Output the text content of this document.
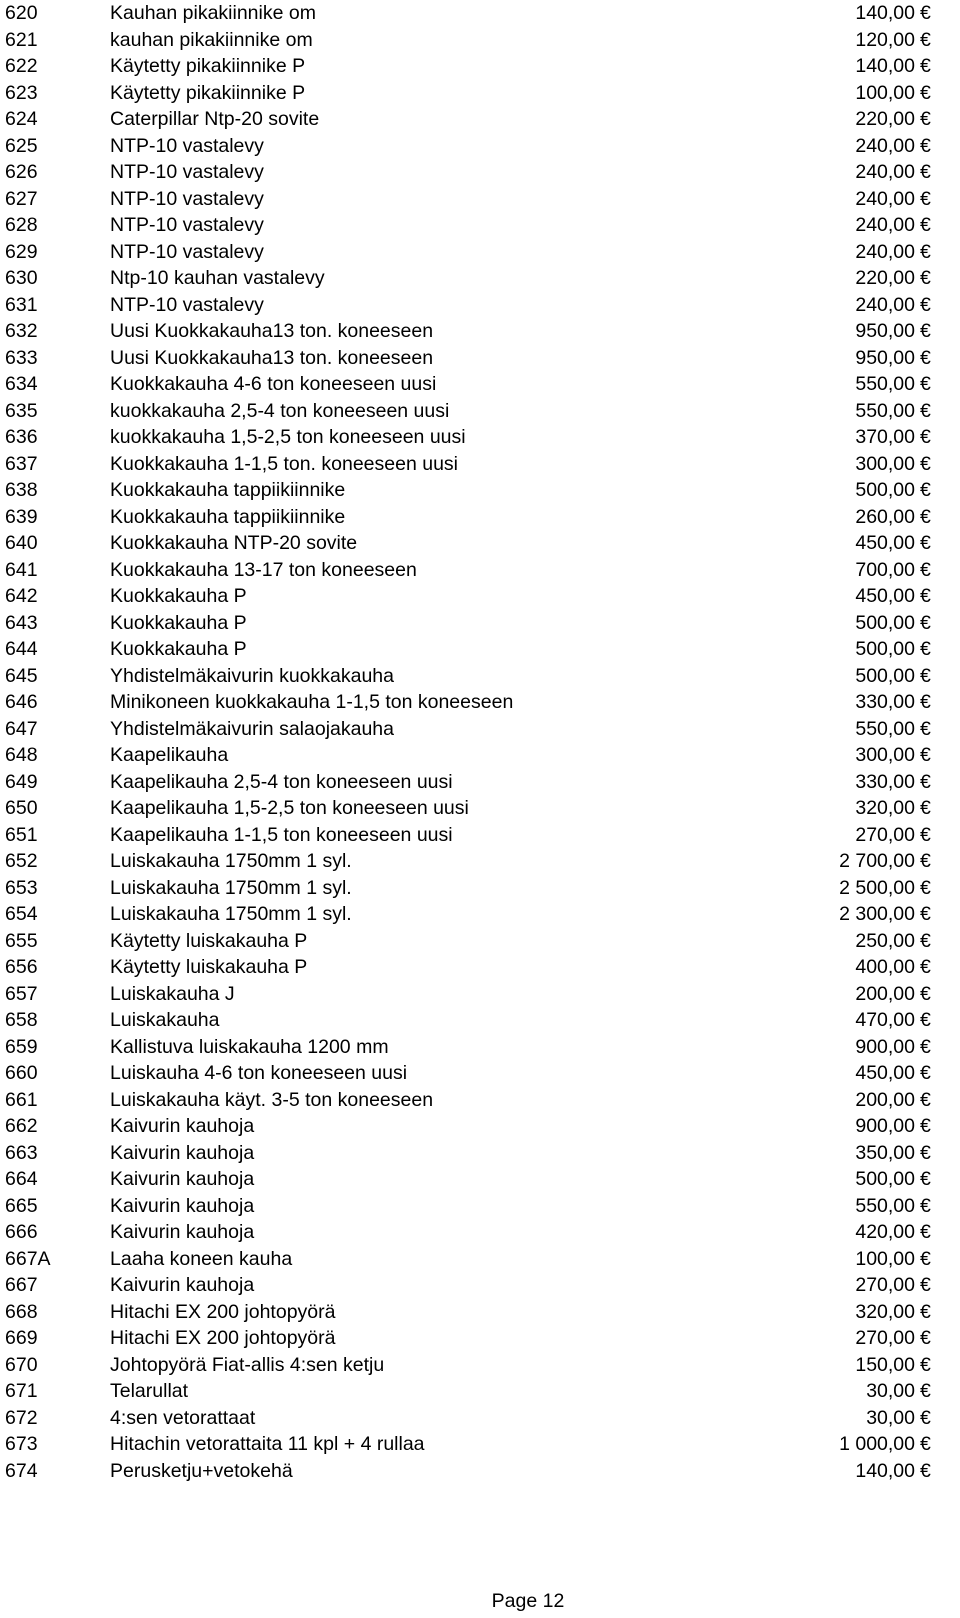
620	Kauhan pikakiinnike om	140,00 €
621	kauhan pikakiinnike om	120,00 €
622	Käytetty pikakiinnike P	140,00 €
623	Käytetty pikakiinnike P	100,00 €
624	Caterpillar Ntp-20 sovite	220,00 €
625	NTP-10 vastalevy	240,00 €
626	NTP-10 vastalevy	240,00 €
627	NTP-10 vastalevy	240,00 €
628	NTP-10 vastalevy	240,00 €
629	NTP-10 vastalevy	240,00 €
630	Ntp-10 kauhan vastalevy	220,00 €
631	NTP-10 vastalevy	240,00 €
632	Uusi Kuokkakauha13 ton. koneeseen	950,00 €
633	Uusi Kuokkakauha13 ton. koneeseen	950,00 €
634	Kuokkakauha 4-6 ton koneeseen uusi	550,00 €
635	kuokkakauha 2,5-4 ton koneeseen uusi	550,00 €
636	kuokkakauha 1,5-2,5 ton koneeseen uusi	370,00 €
637	Kuokkakauha 1-1,5 ton. koneeseen uusi	300,00 €
638	Kuokkakauha tappiikiinnike	500,00 €
639	Kuokkakauha tappiikiinnike	260,00 €
640	Kuokkakauha NTP-20 sovite	450,00 €
641	Kuokkakauha 13-17 ton koneeseen	700,00 €
642	Kuokkakauha P	450,00 €
643	Kuokkakauha P	500,00 €
644	Kuokkakauha P	500,00 €
645	Yhdistelmäkaivurin kuokkakauha	500,00 €
646	Minikoneen kuokkakauha 1-1,5 ton koneeseen	330,00 €
647	Yhdistelmäkaivurin salaojakauha	550,00 €
648	Kaapelikauha	300,00 €
649	Kaapelikauha 2,5-4 ton koneeseen uusi	330,00 €
650	Kaapelikauha 1,5-2,5 ton koneeseen uusi	320,00 €
651	Kaapelikauha 1-1,5 ton koneeseen uusi	270,00 €
652	Luiskakauha 1750mm 1 syl.	2 700,00 €
653	Luiskakauha 1750mm 1 syl.	2 500,00 €
654	Luiskakauha 1750mm 1 syl.	2 300,00 €
655	Käytetty luiskakauha P	250,00 €
656	Käytetty luiskakauha P	400,00 €
657	Luiskakauha J	200,00 €
658	Luiskakauha	470,00 €
659	Kallistuva luiskakauha 1200 mm	900,00 €
660	Luiskauha 4-6 ton koneeseen uusi	450,00 €
661	Luiskakauha käyt. 3-5 ton koneeseen	200,00 €
662	Kaivurin kauhoja	900,00 €
663	Kaivurin kauhoja	350,00 €
664	Kaivurin kauhoja	500,00 €
665	Kaivurin kauhoja	550,00 €
666	Kaivurin kauhoja	420,00 €
667A	Laaha koneen kauha	100,00 €
667	Kaivurin kauhoja	270,00 €
668	Hitachi EX 200 johtopyörä	320,00 €
669	Hitachi EX 200 johtopyörä	270,00 €
670	Johtopyörä Fiat-allis 4:sen ketju	150,00 €
671	Telarullat	30,00 €
672	4:sen vetorattaat	30,00 €
673	Hitachin vetorattaita 11 kpl + 4 rullaa	1 000,00 €
674	Perusketju+vetokehä	140,00 €
Page 12
